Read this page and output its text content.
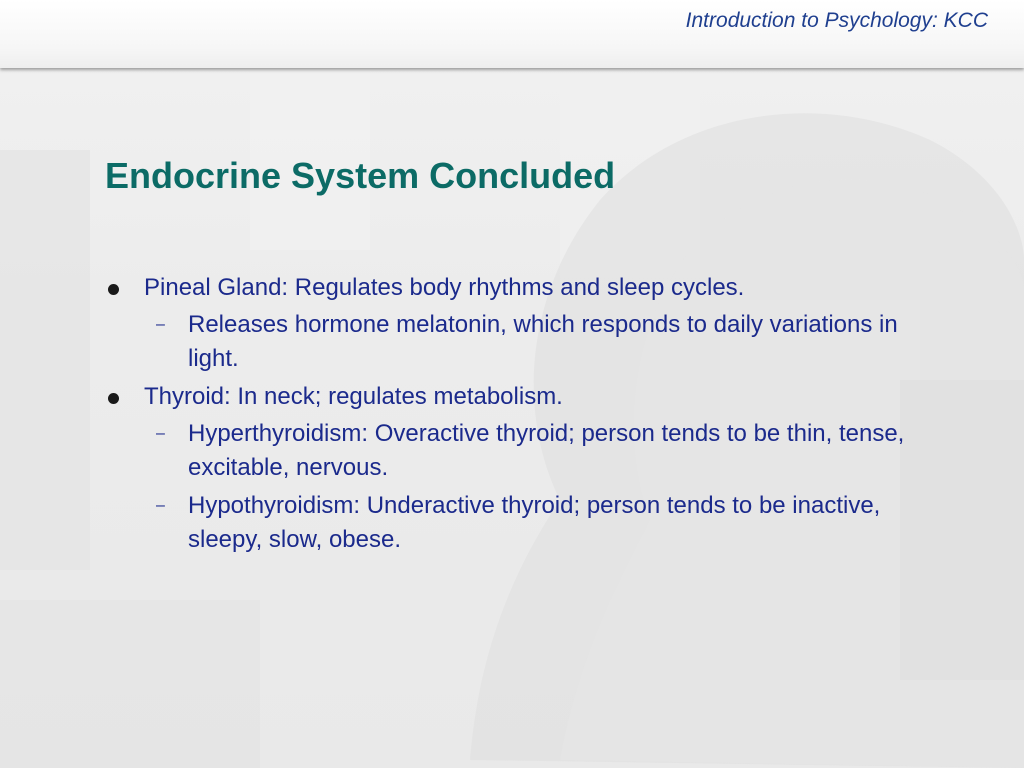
Introduction to Psychology: KCC
Endocrine System Concluded
Pineal Gland: Regulates body rhythms and sleep cycles.
– Releases hormone melatonin, which responds to daily variations in light.
Thyroid: In neck; regulates metabolism.
– Hyperthyroidism: Overactive thyroid; person tends to be thin, tense, excitable, nervous.
– Hypothyroidism: Underactive thyroid; person tends to be inactive, sleepy, slow, obese.
